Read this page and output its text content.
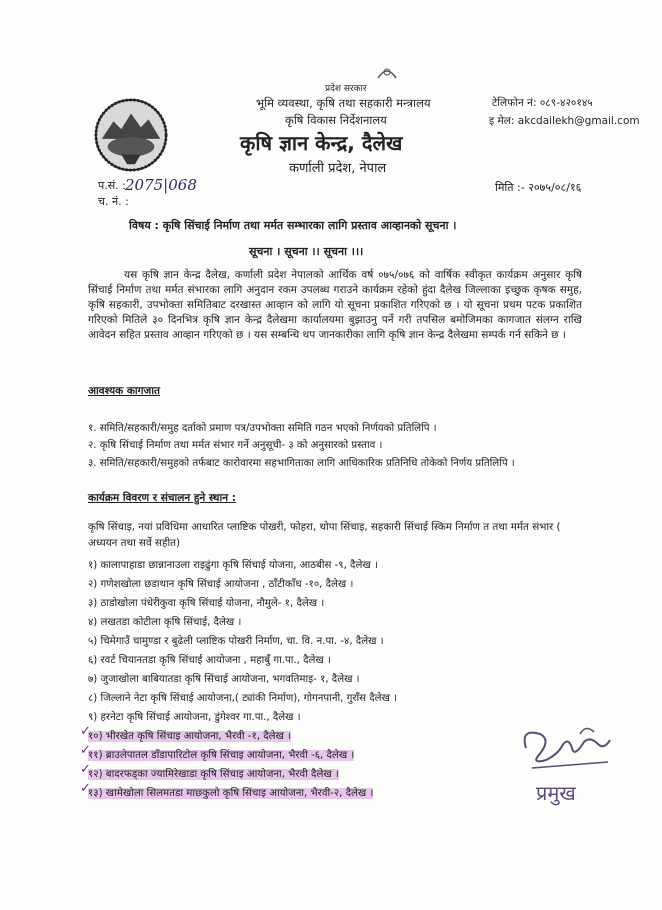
प्रदेश सरकार
भूमि व्यवस्था, कृषि तथा सहकारी मन्त्रालय
कृषि विकास निर्देशनालय
कृषि ज्ञान केन्द्र, दैलेख
कर्णाली प्रदेश, नेपाल
टेलिफोन नं: ०८९-४२०१४५
इ मेल: akcdailekh@gmail.com
प.सं. :
च. नं. :
2075|068	मिति :- २०७५/०८/१६
विषय : कृषि सिंचाई निर्माण तथा मर्मत सम्भारका लागि प्रस्ताव आव्हानको सूचना ।
सूचना । सूचना ।। सूचना ।।।
यस कृषि ज्ञान केन्द्र दैलेख, कर्णाली प्रदेश नेपालको आर्थिक वर्ष ०७५/०७६ को वार्षिक स्वीकृत कार्यक्रम अनुसार कृषि सिंचाई निर्माण तथा मर्मत संभारका लागि अनुदान रकम उपलब्ध गराउने कार्यक्रम रहेको हुंदा दैलेख जिल्लाका इच्छुक कृषक समुह, कृषि सहकारी, उपभोक्ता समितिबाट दरखास्त आव्हान को लागि यो सूचना प्रकाशित गरिएको छ । यो सूचना प्रथम पटक प्रकाशित गरिएको मितिले ३० दिनभित्र कृषि ज्ञान केन्द्र दैलेखमा कार्यालयमा बुझाउनु पर्ने गरी तपसिल बमोजिमका कागजात संलग्न राखि आवेदन सहित प्रस्ताव आव्हान गरिएको छ । यस सम्बन्धि थप जानकारीका लागि कृषि ज्ञान केन्द्र दैलेखमा सम्पर्क गर्न सकिने छ ।
आवश्यक कागजात
१. समिति/सहकारी/समुह दर्ताको प्रमाण पत्र/उपभोक्ता समिति गठन भएको निर्णयको प्रतिलिपि ।
२. कृषि सिंचाई निर्माण तथा मर्मत संभार गर्ने अनुसूची- ३ को अनुसारको प्रस्ताव ।
३. समिति/सहकारी/समुहको तर्फबाट कारोवारमा सहभागिताका लागि आधिकारिक प्रतिनिधि तोकेको निर्णय प्रतिलिपि ।
कार्यक्रम विवरण र संचालन हुने स्थान :
कृषि सिंचाइ, नयां प्रविधिमा आधारित प्लाष्टिक पोखरी, फोहरा, थोपा सिंचाइ, सहकारी सिंचाई स्किम निर्माण त तथा मर्मत संभार ( अध्ययन तथा सर्वे सहीत)
१) कालापाहाडा छान्नानाउला राइढुंगा कृषि सिंचाई योजना, आठबीस -९, दैलेख ।
२) गणेशखोला छडाथान कृषि सिंचाई आयोजना , ठाँटीकाँध -१०, दैलेख ।
३) ठाडोखोला पंधेरीकुवा कृषि सिंचाई योजना, नौमुले- १, दैलेख ।
४) लखतडा कोटीला कृषि सिंचाई, दैलेख ।
५) चिमेगाउँ चामुण्डा र बुढेली प्लाष्टिक पोखरी निर्माण, चा. वि. न.पा. -४, दैलेख ।
६) रवर्ट चियानतडा कृषि सिंचाई आयोजना , महाबुँ गा.पा., दैलेख ।
७) जुजाखोला बाबियातडा कृषि सिंचाई आयोजना, भगवतिमाइ- १, दैलेख ।
८) जिल्लाने नेटा कृषि सिंचाई आयोजना,( ट्यांकी निर्माण), गोगनपानी, गुराँस दैलेख ।
९) हरनेटा कृषि सिंचाई आयोजना, डुंगेश्वर गा.पा., दैलेख ।
१०) भीरखेत कृषि सिंचाइ आयोजना, भैरवी -१, दैलेख ।
११) ब्राउलेपातल डाँडापारिटोल कृषि सिंचाइ आयोजना, भैरवी -६, दैलेख ।
१२) बादरफड्का ज्यामिरेखाडा कृषि सिंचाइ आयोजना, भैरवी दैलेख ।
१३) खामेखोला सिलमतडा माछकुलो कृषि सिंचाइ आयोजना, भैरवी-२, दैलेख ।
✓
✓
✓
✓	प्रमुख
